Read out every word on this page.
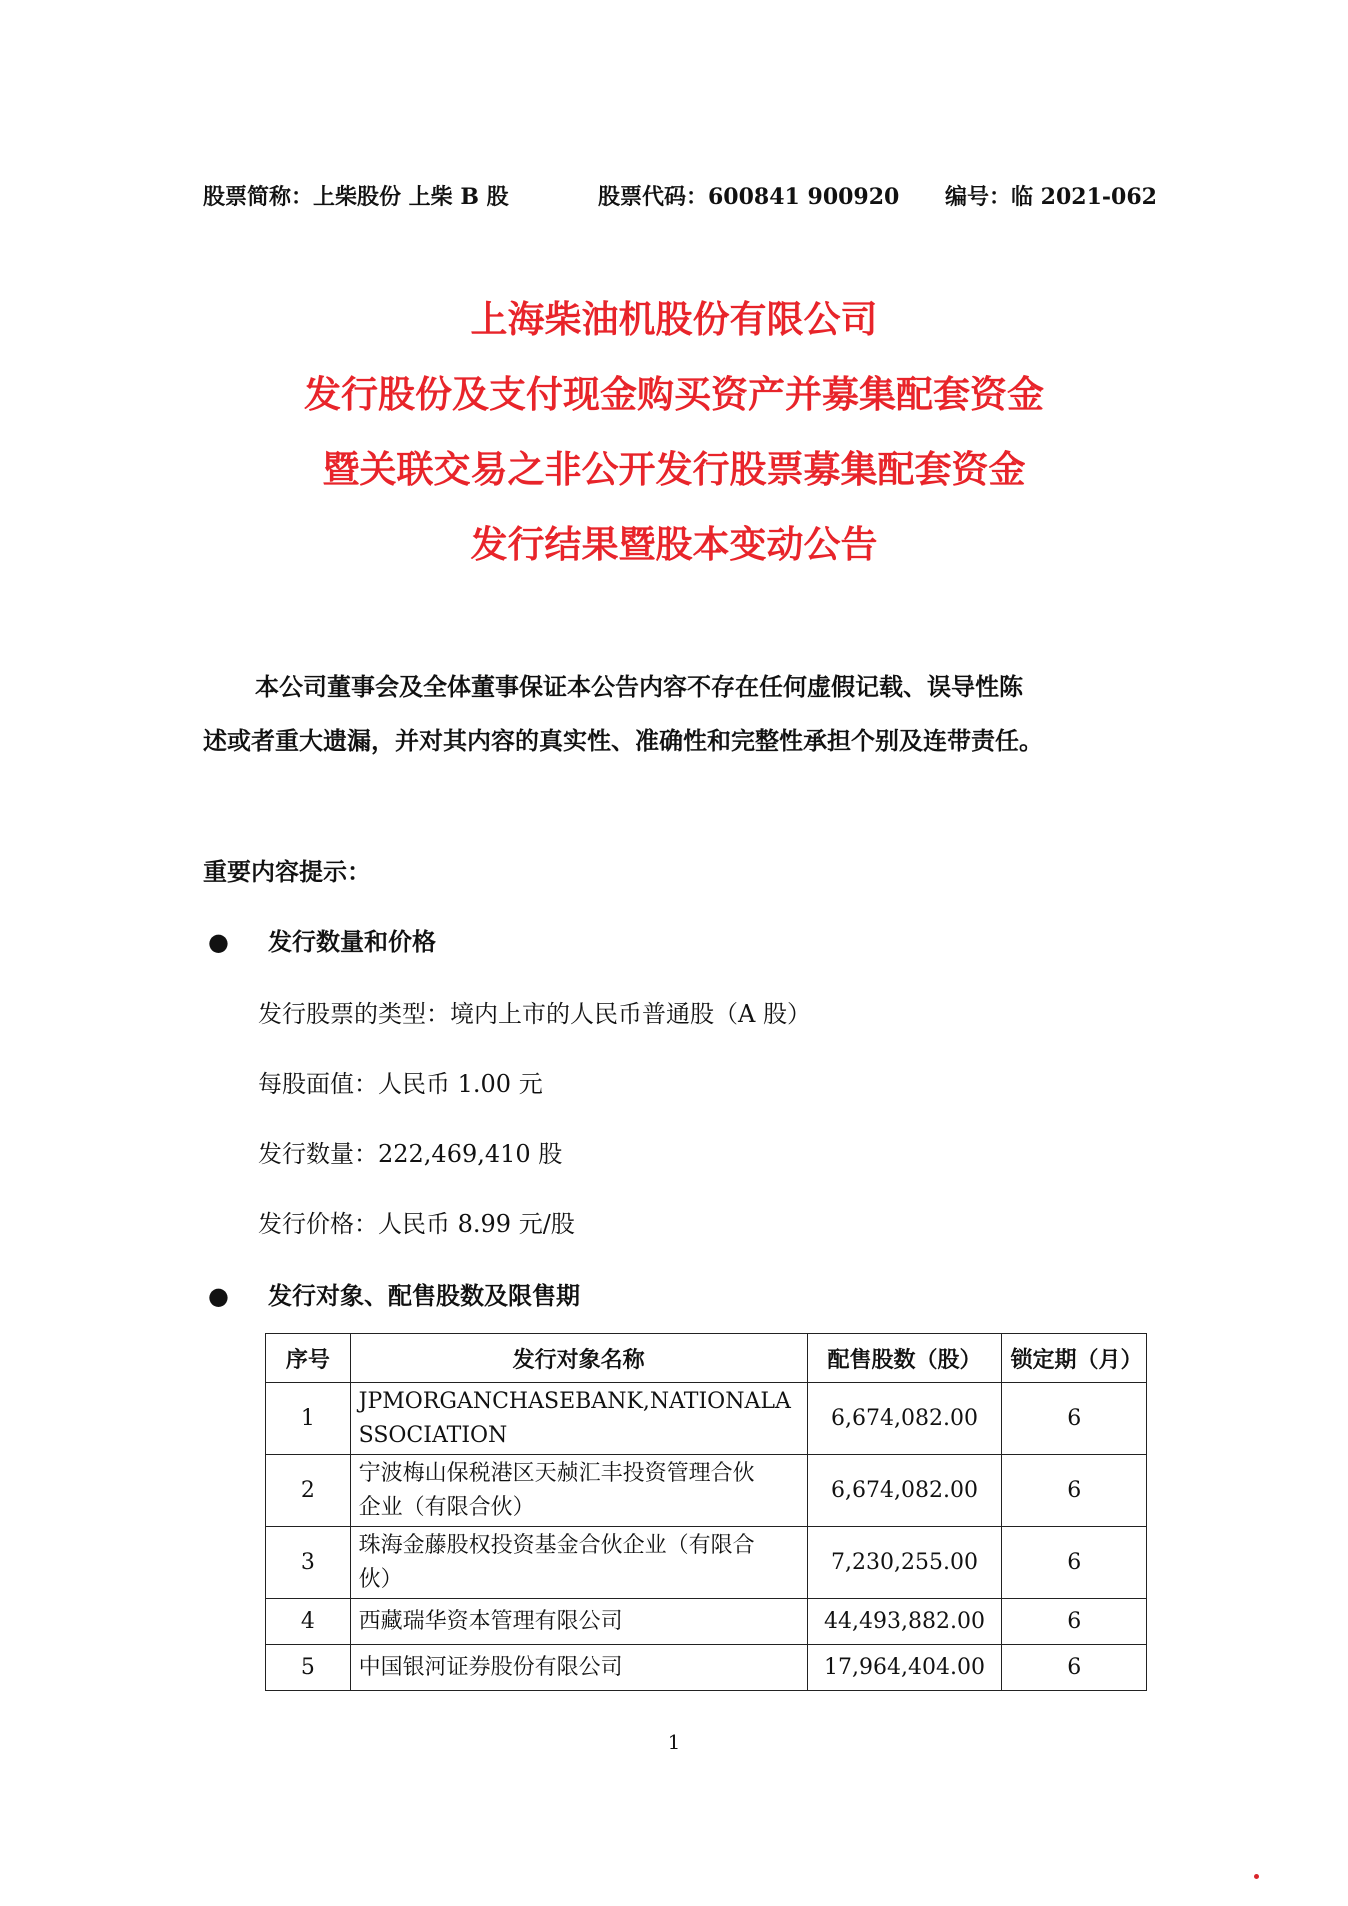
股票简称：上柴股份 上柴 B 股	股票代码：600841 900920 编号：临 2021-062
上海柴油机股份有限公司
发行股份及支付现金购买资产并募集配套资金
暨关联交易之非公开发行股票募集配套资金
发行结果暨股本变动公告
本公司董事会及全体董事保证本公告内容不存在任何虚假记载、误导性陈
述或者重大遗漏，并对其内容的真实性、准确性和完整性承担个别及连带责任。
重要内容提示：
● 发行数量和价格
发行股票的类型：境内上市的人民币普通股（A 股）
每股面值：人民币 1.00 元
发行数量：222,469,410 股
发行价格：人民币 8.99 元/股
● 发行对象、配售股数及限售期
序号	发行对象名称	配售股数（股）	锁定期（月）
1	JPMORGANCHASEBANK,NATIONALA
SSOCIATION	6,674,082.00	6
2	宁波梅山保税港区天赪汇丰投资管理合伙
企业（有限合伙）	6,674,082.00	6
3	珠海金藤股权投资基金合伙企业（有限合
伙）	7,230,255.00	6
4	西藏瑞华资本管理有限公司	44,493,882.00	6
5	中国银河证券股份有限公司	17,964,404.00	6
1
